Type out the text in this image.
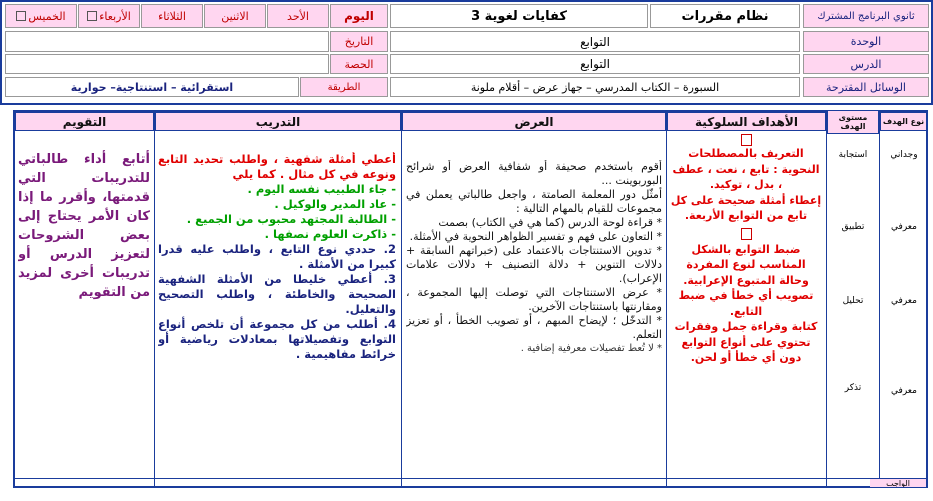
ثانوي البرنامج المشترك
نظام مقررات
كفايات لغوية 3
اليوم
الأحد
الاثنين
الثلاثاء
الأربعاء
الخميس
الوحدة
التوابع
التاريخ
الدرس
التوابع
الحصة
الوسائل المقترحة
السبورة – الكتاب المدرسي – جهاز عرض – أقلام ملونة
الطريقة
استقرائية – استنتاجية– حوارية
نوع الهدف
مستوى الهدف
الأهداف السلوكية
العرض
التدريب
التقويم
وجداني
معرفي
معرفي
معرفي
استجابة
تطبيق
تحليل
تذكر

التعريف بالمصطلحات النحوية : تابع ، نعت ، عطف ، بدل ، توكيد.

إعطاء أمثلة صحيحة على كل تابع من التوابع الأربعة.

ضبط التوابع بالشكل المناسب لنوع المفردة وحالة المتبوع الإعرابية. تصويب أي خطأ في ضبط التابع.

كتابة وقراءة جمل وفقرات تحتوي على أنواع التوابع دون أي خطأ أو لحن.

أقوم باستخدم صحيفة أو شفافية العرض أو شرائح البوربوينت ...

أمثّل دور المعلمة الصامتة ، واجعل طالباتي يعملن في مجموعات للقيام بالمهام التالية :

* قراءة لوحة الدرس (كما هي في الكتاب) بصمت

* التعاون على فهم و تفسير الظواهر النحوية في الأمثلة.

* تدوين الاستنتاجات بالاعتماد على (خبراتهم السابقة + دلالات التنوين + دلالة التصنيف + دلالات علامات الإعراب).

* عرض الاستنتاجات التي توصلت إليها المجموعة ، ومقارنتها باستنتاجات الآخرين.

* التدخّل ؛ لإيضاح المبهم ، أو تصويب الخطأ ، أو تعزيز التعلم.

* لا تُعط تفصيلات معرفية إضافية .

أعطي أمثلة شفهية ، واطلب تحديد التابع ونوعه في كل مثال . كما يلي

- جاء الطبيب نفسه اليوم .

- عاد المدير والوكيل .

- الطالبة المجتهد محبوب من الجميع .

- ذاكرت العلوم نصفها .

2. حددي نوع التابع ، واطلب عليه قدرا كبيرا من الأمثلة .

3. أعطي خليطا من الأمثلة الشفهية الصحيحة والخاطئة ، واطلب التصحيح والتعليل.

4. أطلب من كل مجموعة أن تلخص أنواع التوابع وتفصيلاتها بمعادلات رياضية أو خرائط مفاهيمية .

أتابع أداء طالباتي للتدريبات التي قدمتها، وأقرر ما إذا كان الأمر يحتاج إلى بعض الشروحات لتعزيز الدرس أو تدريبات أخرى لمزيد من التقويم

الواجب
